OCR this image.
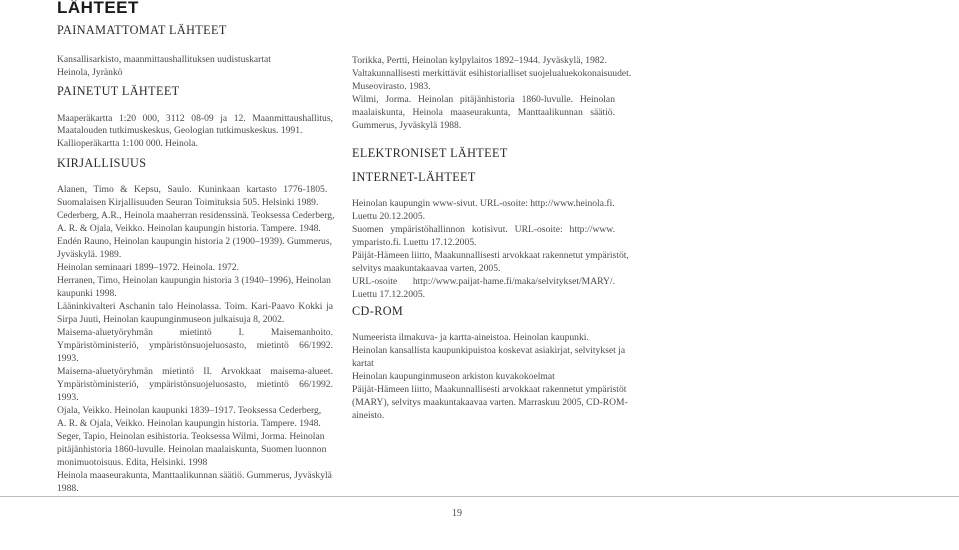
LÄHTEET
PAINAMATTOMAT LÄHTEET
Kansallisarkisto, maanmittaushallituksen uudistuskartat
Heinola, Jyränkö
PAINETUT LÄHTEET
Maaperäkartta 1:20 000, 3112 08-09 ja 12. Maanmittaushallitus,
Maatalouden tutkimuskeskus, Geologian tutkimuskeskus. 1991.
Kallioperäkartta 1:100 000. Heinola.
KIRJALLISUUS
Alanen, Timo & Kepsu, Saulo. Kuninkaan kartasto 1776-1805.
Suomalaisen Kirjallisuuden Seuran Toimituksia 505. Helsinki 1989.
Cederberg, A.R., Heinola maaherran residenssinä. Teoksessa Cederberg,
A. R. & Ojala, Veikko. Heinolan kaupungin historia. Tampere. 1948.
Endén Rauno, Heinolan kaupungin historia 2 (1900–1939). Gummerus,
Jyväskylä. 1989.
Heinolan seminaari 1899–1972. Heinola. 1972.
Herranen, Timo, Heinolan kaupungin historia 3 (1940–1996), Heinolan
kaupunki 1998.
Lääninkivalteri Aschanin talo Heinolassa. Toim. Kari-Paavo Kokki ja
Sirpa Juuti, Heinolan kaupunginmuseon julkaisuja 8, 2002.
Maisema-aluetyöryhmän mietintö I. Maisemanhoito.
Ympäristöministeriö, ympäristönsuojeluosasto, mietintö 66/1992.
1993.
Maisema-aluetyöryhmän mietintö II. Arvokkaat maisema-alueet.
Ympäristöministeriö, ympäristönsuojeluosasto, mietintö 66/1992.
1993.
Ojala, Veikko. Heinolan kaupunki 1839–1917. Teoksessa Cederberg,
A. R. & Ojala, Veikko. Heinolan kaupungin historia. Tampere. 1948.
Seger, Tapio, Heinolan esihistoria. Teoksessa Wilmi, Jorma. Heinolan
pitäjänhistoria 1860-luvulle. Heinolan maalaiskunta, Suomen luonnon
monimuotoisuus. Edita, Helsinki. 1998
Heinola maaseurakunta, Manttaalikunnan säätiö. Gummerus, Jyväskylä
1988.
Torikka, Pertti, Heinolan kylpylaitos 1892–1944. Jyväskylä, 1982.
Valtakunnallisesti merkittävät esihistorialliset suojelualuekokonaisuudet.
Museovirasto. 1983.
Wilmi, Jorma. Heinolan pitäjänhistoria 1860-luvulle. Heinolan
maalaiskunta, Heinola maaseurakunta, Manttaalikunnan säätiö.
Gummerus, Jyväskylä 1988.
ELEKTRONISET LÄHTEET
INTERNET-LÄHTEET
Heinolan kaupungin www-sivut. URL-osoite: http://www.heinola.fi.
Luettu 20.12.2005.
Suomen ympäristöhallinnon kotisivut. URL-osoite: http://www.
ymparisto.fi. Luettu 17.12.2005.
Päijät-Hämeen liitto, Maakunnallisesti arvokkaat rakennetut ympäristöt,
selvitys maakuntakaavaa varten, 2005.
URL-osoite http://www.paijat-hame.fi/maka/selvitykset/MARY/.
Luettu 17.12.2005.
CD-ROM
Numeerista ilmakuva- ja kartta-aineistoa. Heinolan kaupunki.
Heinolan kansallista kaupunkipuistoa koskevat asiakirjat, selvitykset ja
kartat
Heinolan kaupunginmuseon arkiston kuvakokoelmat
Päijät-Hämeen liitto, Maakunnallisesti arvokkaat rakennetut ympäristöt
(MARY), selvitys maakuntakaavaa varten. Marraskuu 2005, CD-ROM-
aineisto.
19
